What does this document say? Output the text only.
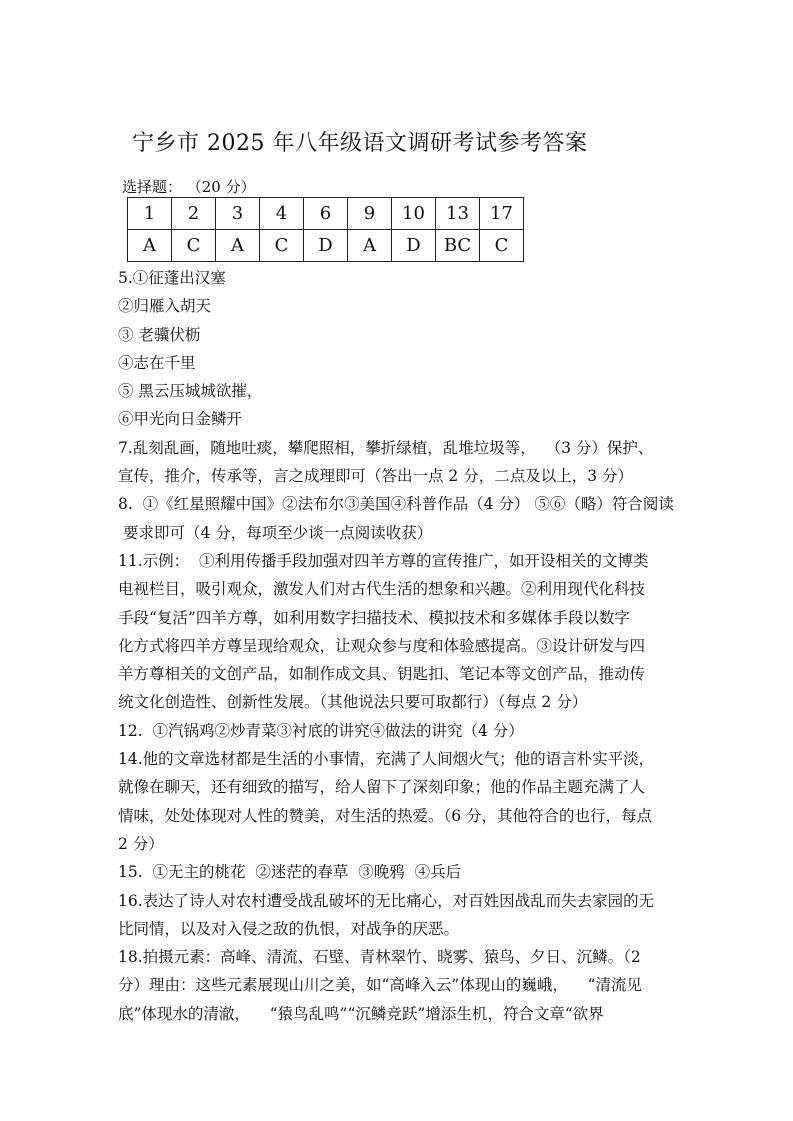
宁乡市 2025 年八年级语文调研考试参考答案
选择题： （20 分）
1	2	3	4	6	9	10	13	17
A	C	A	C	D	A	D	BC	C

5.①征蓬出汉塞

②归雁入胡天

③ 老骥伏枥

④志在千里

⑤ 黑云压城城欲摧，

⑥甲光向日金鳞开

7.乱刻乱画，随地吐痰，攀爬照相，攀折绿植，乱堆垃圾等，  （3 分）保护、

宣传，推介，传承等，言之成理即可（答出一点 2 分，二点及以上，3 分）

8.  ①《红星照耀中国》②法布尔③美国④科普作品（4 分） ⑤⑥（略）符合阅读

要求即可（4 分，每项至少谈一点阅读收获）

11.示例：  ①利用传播手段加强对四羊方尊的宣传推广，如开设相关的文博类

电视栏目，吸引观众，激发人们对古代生活的想象和兴趣。②利用现代化科技

手段“复活”四羊方尊，如利用数字扫描技术、模拟技术和多媒体手段以数字

化方式将四羊方尊呈现给观众，让观众参与度和体验感提高。③设计研发与四

羊方尊相关的文创产品，如制作成文具、钥匙扣、笔记本等文创产品，推动传

统文化创造性、创新性发展。（其他说法只要可取都行）（每点 2 分）

12.  ①汽锅鸡②炒青菜③衬底的讲究④做法的讲究（4 分）

14.他的文章选材都是生活的小事情，充满了人间烟火气；他的语言朴实平淡，

就像在聊天，还有细致的描写，给人留下了深刻印象；他的作品主题充满了人

情味，处处体现对人性的赞美，对生活的热爱。（6 分，其他符合的也行，每点

2 分）

15.  ①无主的桃花  ②迷茫的春草  ③晚鸦  ④兵后

16.表达了诗人对农村遭受战乱破坏的无比痛心，对百姓因战乱而失去家园的无

比同情，以及对入侵之敌的仇恨，对战争的厌恶。

18.拍摄元素：高峰、清流、石壁、青林翠竹、晓雾、猿鸟、夕日、沉鳞。（2

分）理由：这些元素展现山川之美，如“高峰入云”体现山的巍峨，    “清流见

底”体现水的清澈，    “猿鸟乱鸣”“沉鳞竞跃”增添生机，符合文章“欲界
